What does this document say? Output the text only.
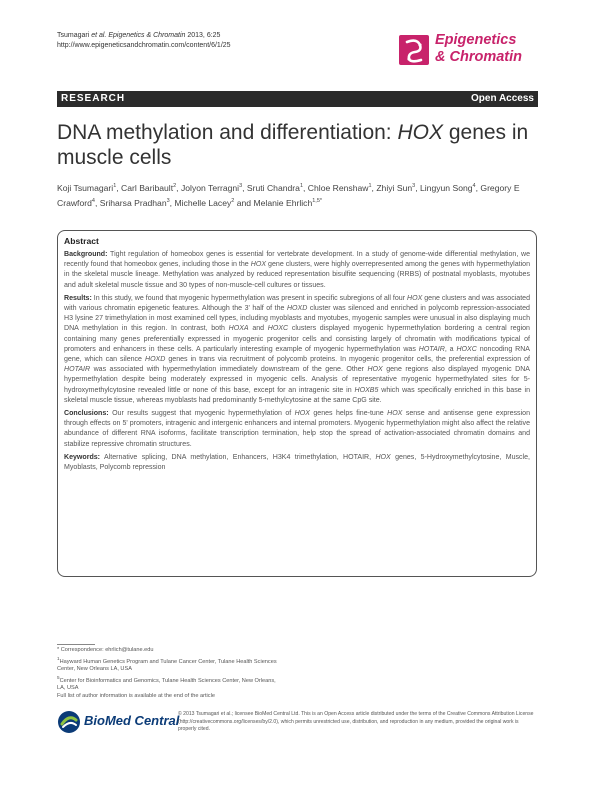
Tsumagari et al. Epigenetics & Chromatin 2013, 6:25
http://www.epigeneticsandchromatin.com/content/6/1/25	Epigenetics
& Chromatin
RESEARCH	Open Access
DNA methylation and differentiation: HOX genes in muscle cells
Koji Tsumagari$^1$, Carl Baribault$^2$, Jolyon Terragni$^3$, Sruti Chandra$^1$, Chloe Renshaw$^1$, Zhiyi Sun$^3$, Lingyun Song$^4$, Gregory E Crawford$^4$, Sriharsa Pradhan$^3$, Michelle Lacey$^2$ and Melanie Ehrlich$^{1,5*}$
Abstract

Background: Tight regulation of homeobox genes is essential for vertebrate development. In a study of genome-wide differential methylation, we recently found that homeobox genes, including those in the HOX gene clusters, were highly overrepresented among the genes with hypermethylation in the skeletal muscle lineage. Methylation was analyzed by reduced representation bisulfite sequencing (RRBS) of postnatal myoblasts, myotubes and adult skeletal muscle tissue and 30 types of non-muscle-cell cultures or tissues.

Results: In this study, we found that myogenic hypermethylation was present in specific subregions of all four HOX gene clusters and was associated with various chromatin epigenetic features. Although the 3' half of the HOXD cluster was silenced and enriched in polycomb repression-associated H3 lysine 27 trimethylation in most examined cell types, including myoblasts and myotubes, myogenic samples were unusual in also displaying much DNA methylation in this region. In contrast, both HOXA and HOXC clusters displayed myogenic hypermethylation bordering a central region containing many genes preferentially expressed in myogenic progenitor cells and consisting largely of chromatin with modifications typical of promoters and enhancers in these cells. A particularly interesting example of myogenic hypermethylation was HOTAIR, a HOXC noncoding RNA gene, which can silence HOXD genes in trans via recruitment of polycomb proteins. In myogenic progenitor cells, the preferential expression of HOTAIR was associated with hypermethylation immediately downstream of the gene. Other HOX gene regions also displayed myogenic DNA hypermethylation despite being moderately expressed in myogenic cells. Analysis of representative myogenic hypermethylated sites for 5-hydroxymethylcytosine revealed little or none of this base, except for an intragenic site in HOXB5 which was specifically enriched in this base in skeletal muscle tissue, whereas myoblasts had predominantly 5-methylcytosine at the same CpG site.

Conclusions: Our results suggest that myogenic hypermethylation of HOX genes helps fine-tune HOX sense and antisense gene expression through effects on 5' promoters, intragenic and intergenic enhancers and internal promoters. Myogenic hypermethylation might also affect the relative abundance of different RNA isoforms, facilitate transcription termination, help stop the spread of activation-associated chromatin domains and stabilize repressive chromatin structures.

Keywords: Alternative splicing, DNA methylation, Enhancers, H3K4 trimethylation, HOTAIR, HOX genes, 5-Hydroxymethylcytosine, Muscle, Myoblasts, Polycomb repression

* Correspondence: ehrlich@tulane.edu
$^1$Hayward Human Genetics Program and Tulane Cancer Center, Tulane Health Sciences Center, New Orleans LA, USA
$^5$Center for Bioinformatics and Genomics, Tulane Health Sciences Center, New Orleans, LA, USA
Full list of author information is available at the end of the article
BioMed Central
© 2013 Tsumagari et al.; licensee BioMed Central Ltd. This is an Open Access article distributed under the terms of the Creative Commons Attribution License (http://creativecommons.org/licenses/by/2.0), which permits unrestricted use, distribution, and reproduction in any medium, provided the original work is properly cited.
